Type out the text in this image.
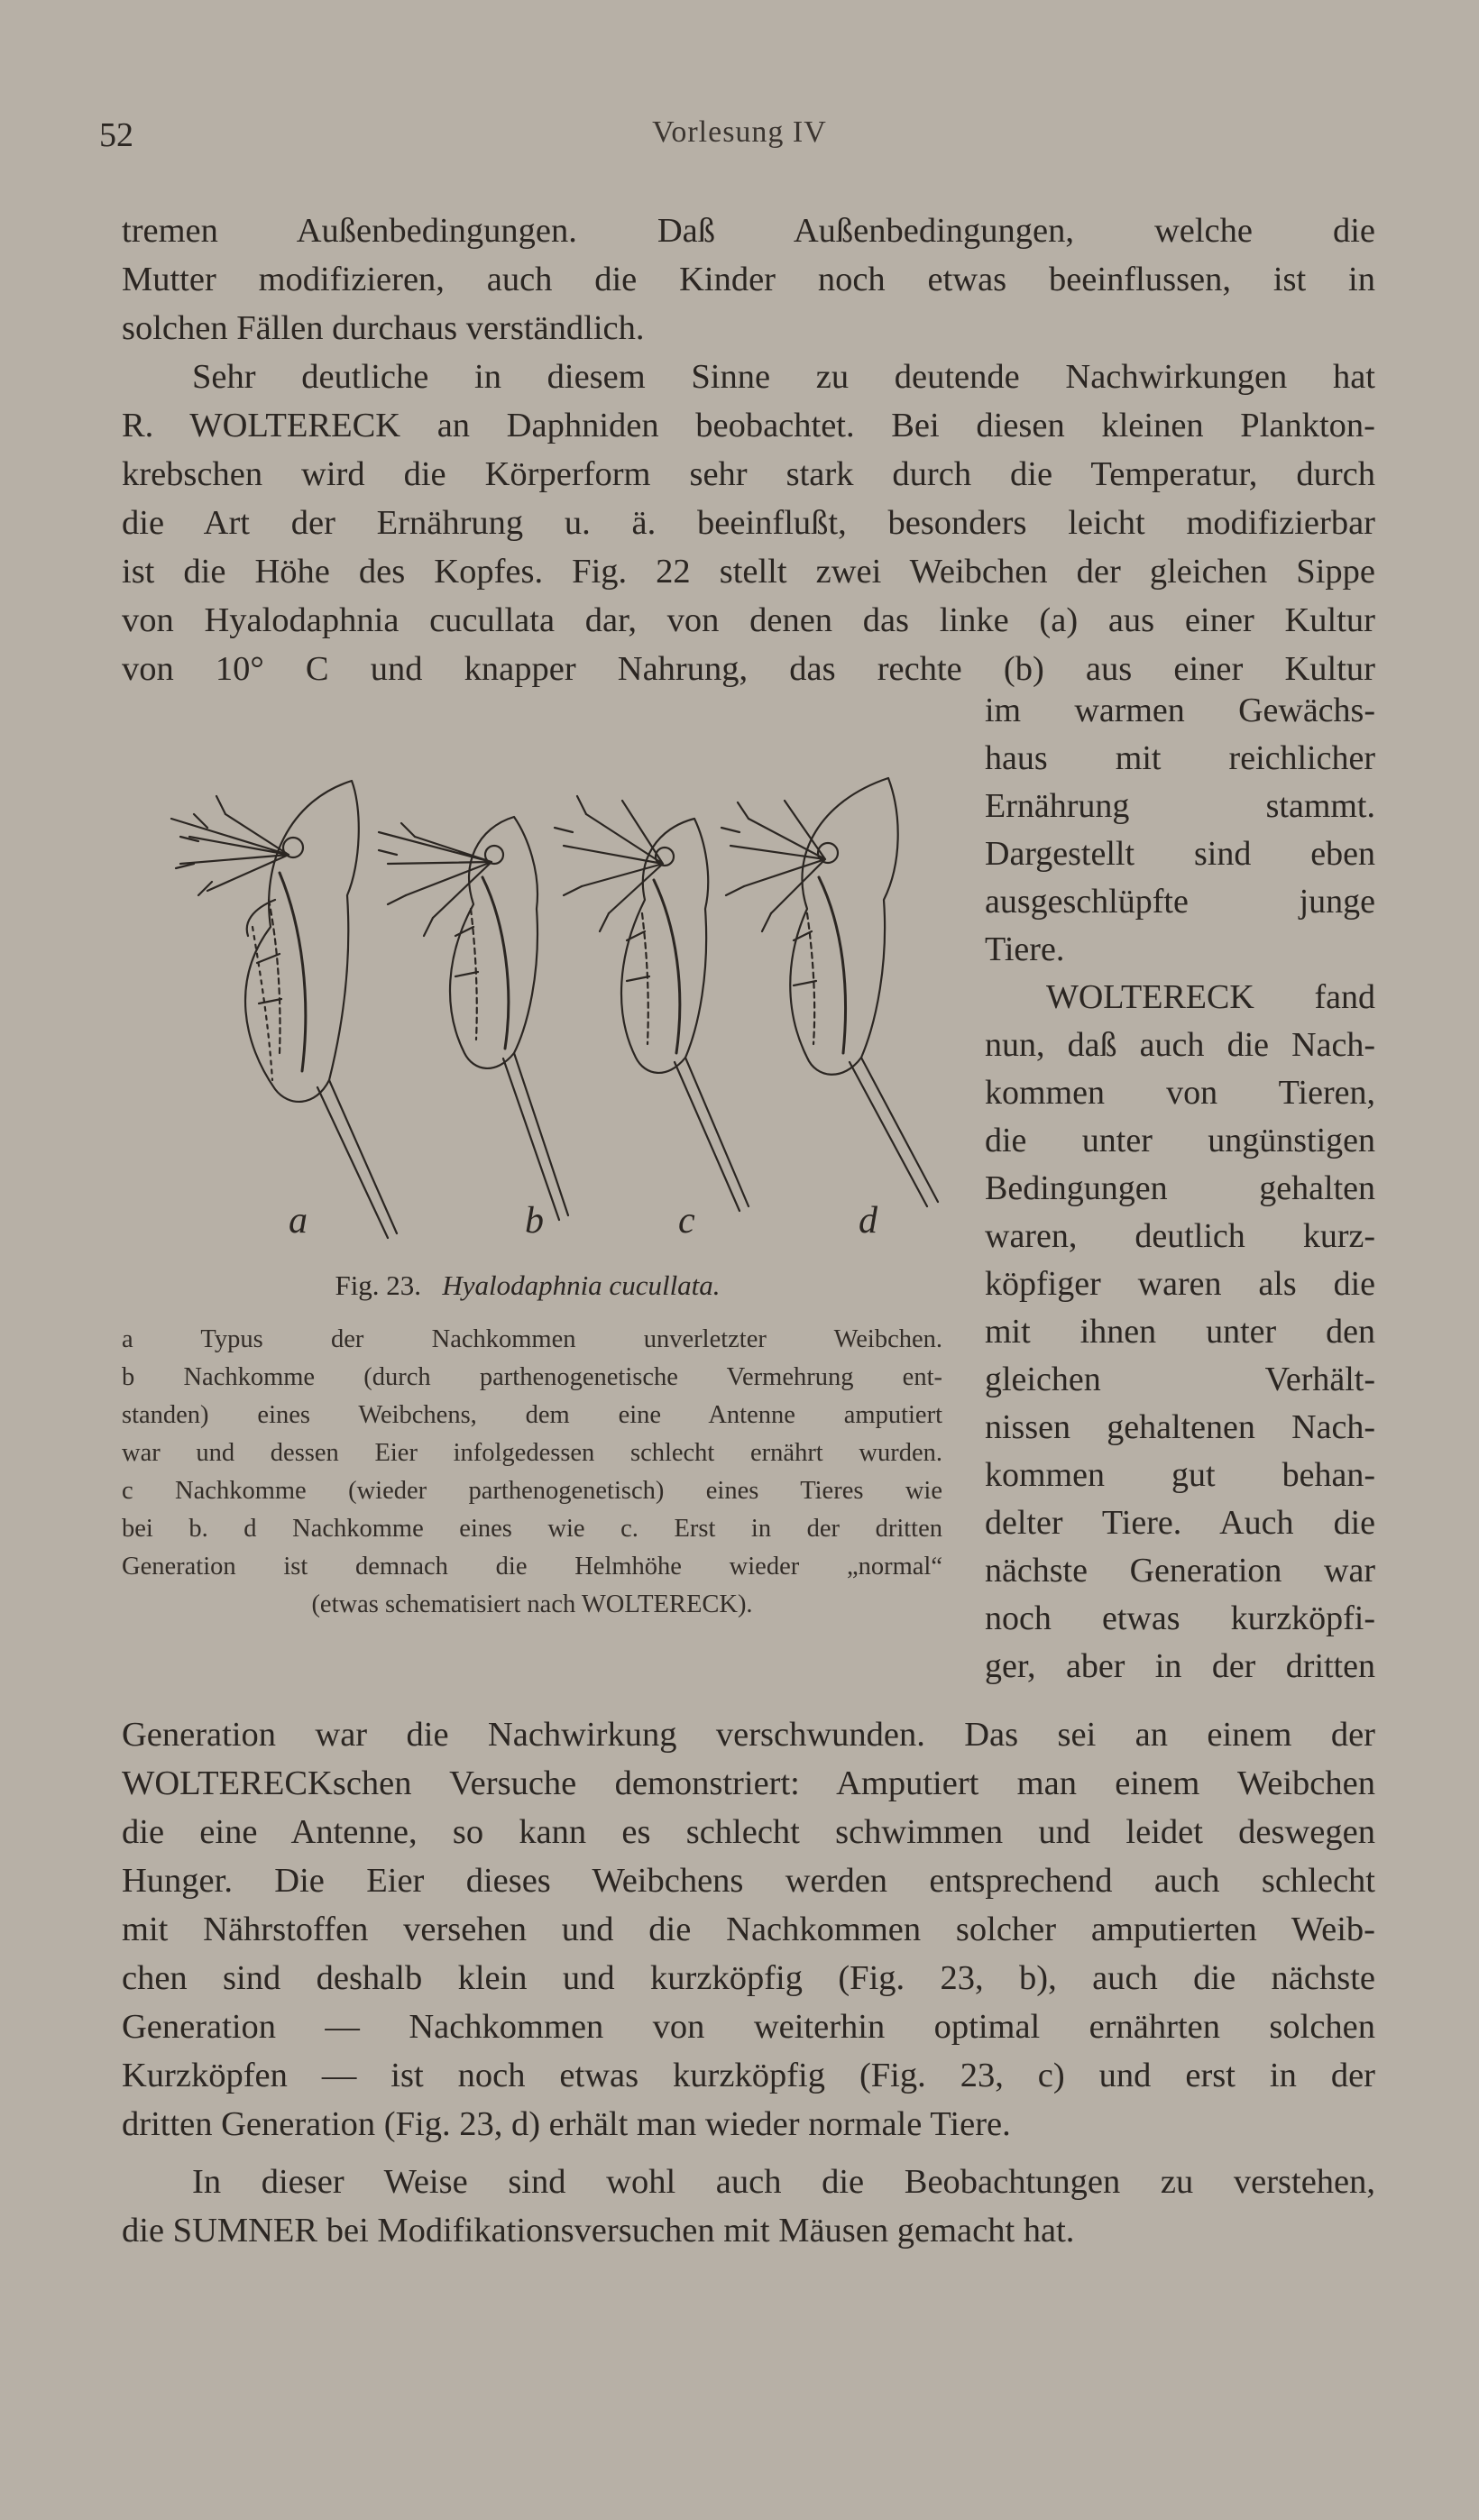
52	Vorlesung IV
tremen Außenbedingungen. Daß Außenbedingungen, welche die
Mutter modifizieren, auch die Kinder noch etwas beeinflussen, ist in
solchen Fällen durchaus verständlich.
Sehr deutliche in diesem Sinne zu deutende Nachwirkungen hat
R. WOLTERECK an Daphniden beobachtet. Bei diesen kleinen Plankton-
krebschen wird die Körperform sehr stark durch die Temperatur, durch
die Art der Ernährung u. ä. beeinflußt, besonders leicht modifizierbar
ist die Höhe des Kopfes. Fig. 22 stellt zwei Weibchen der gleichen Sippe
von Hyalodaphnia cucullata dar, von denen das linke (a) aus einer Kultur
von 10° C und knapper Nahrung, das rechte (b) aus einer Kultur
im warmen Gewächs-
haus mit reichlicher
Ernährung stammt.
Dargestellt sind eben
ausgeschlüpfte junge
Tiere.
WOLTERECK fand
nun, daß auch die Nach-
kommen von Tieren,
die unter ungünstigen
Bedingungen gehalten
waren, deutlich kurz-
köpfiger waren als die
mit ihnen unter den
gleichen Verhält-
nissen gehaltenen Nach-
kommen gut behan-
delter Tiere. Auch die
nächste Generation war
noch etwas kurzköpfi-
ger, aber in der dritten
a	b	c	d
Fig. 23. Hyalodaphnia cucullata.
a Typus der Nachkommen unverletzter Weibchen.
b Nachkomme (durch parthenogenetische Vermehrung ent-
standen) eines Weibchens, dem eine Antenne amputiert
war und dessen Eier infolgedessen schlecht ernährt wurden.
c Nachkomme (wieder parthenogenetisch) eines Tieres wie
bei b. d Nachkomme eines wie c. Erst in der dritten
Generation ist demnach die Helmhöhe wieder „normal“
(etwas schematisiert nach WOLTERECK).
Generation war die Nachwirkung verschwunden. Das sei an einem der
WOLTERECKschen Versuche demonstriert: Amputiert man einem Weibchen
die eine Antenne, so kann es schlecht schwimmen und leidet deswegen
Hunger. Die Eier dieses Weibchens werden entsprechend auch schlecht
mit Nährstoffen versehen und die Nachkommen solcher amputierten Weib-
chen sind deshalb klein und kurzköpfig (Fig. 23, b), auch die nächste
Generation — Nachkommen von weiterhin optimal ernährten solchen
Kurzköpfen — ist noch etwas kurzköpfig (Fig. 23, c) und erst in der
dritten Generation (Fig. 23, d) erhält man wieder normale Tiere.
In dieser Weise sind wohl auch die Beobachtungen zu verstehen,
die SUMNER bei Modifikationsversuchen mit Mäusen gemacht hat.
